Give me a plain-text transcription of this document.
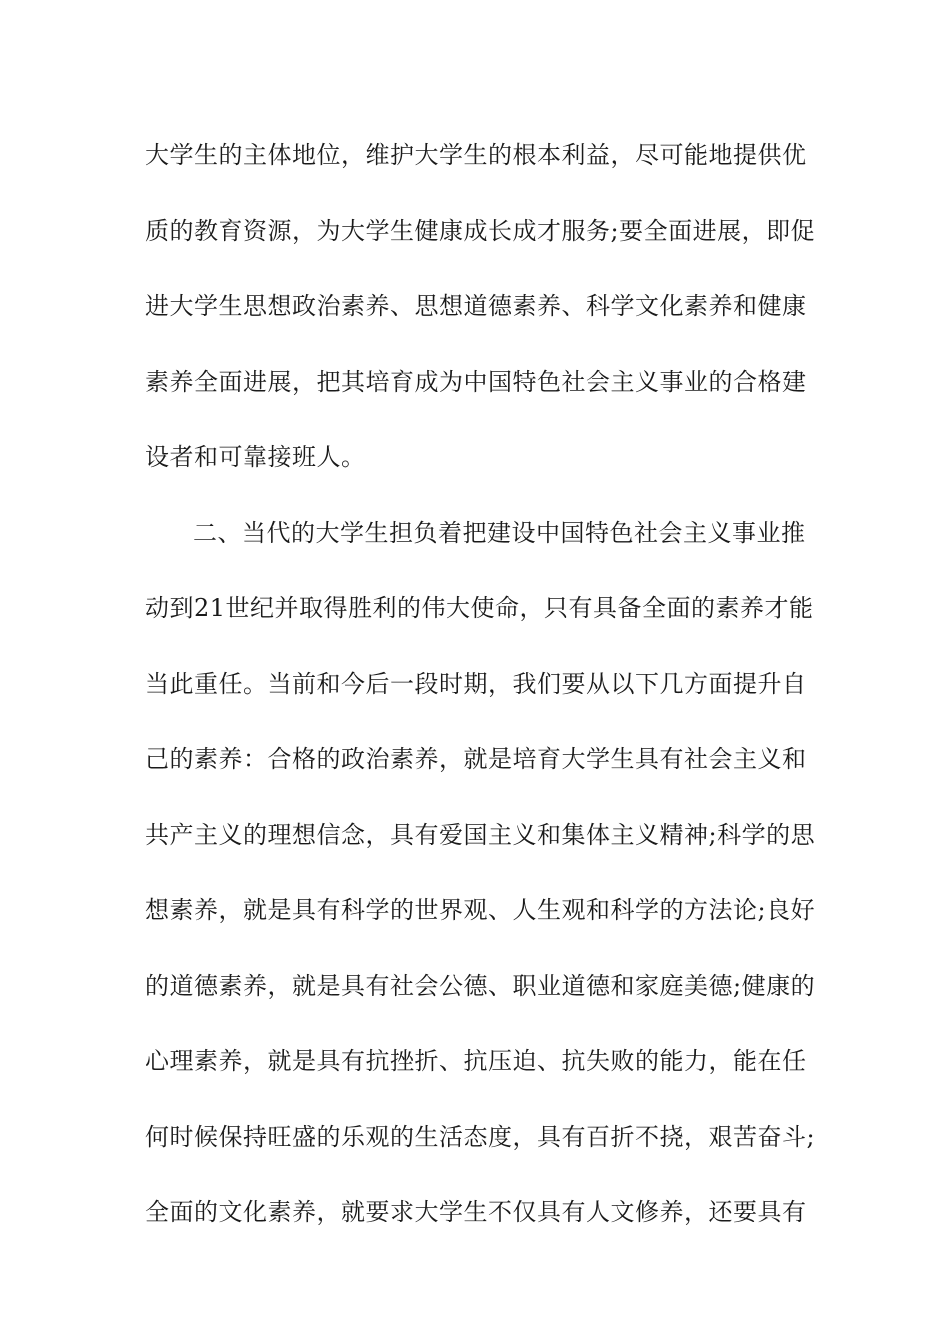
大学生的主体地位，维护大学生的根本利益，尽可能地提供优
质的教育资源，为大学生健康成长成才服务;要全面进展，即促
进大学生思想政治素养、思想道德素养、科学文化素养和健康
素养全面进展，把其培育成为中国特色社会主义事业的合格建
设者和可靠接班人。
二、当代的大学生担负着把建设中国特色社会主义事业推
动到21世纪并取得胜利的伟大使命，只有具备全面的素养才能
当此重任。当前和今后一段时期，我们要从以下几方面提升自
己的素养：合格的政治素养，就是培育大学生具有社会主义和
共产主义的理想信念，具有爱国主义和集体主义精神;科学的思
想素养，就是具有科学的世界观、人生观和科学的方法论;良好
的道德素养，就是具有社会公德、职业道德和家庭美德;健康的
心理素养，就是具有抗挫折、抗压迫、抗失败的能力，能在任
何时候保持旺盛的乐观的生活态度，具有百折不挠，艰苦奋斗;
全面的文化素养，就要求大学生不仅具有人文修养，还要具有
